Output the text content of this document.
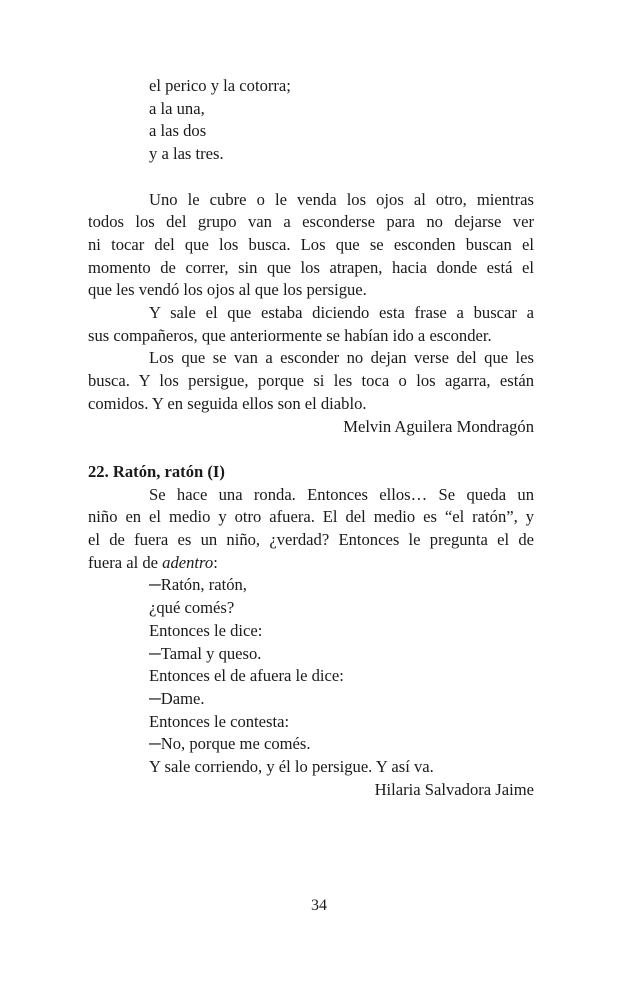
el perico y la cotorra;
a la una,
a las dos
y a las tres.
Uno le cubre o le venda los ojos al otro, mientras
todos los del grupo van a esconderse para no dejarse ver
ni tocar del que los busca. Los que se esconden buscan el
momento de correr, sin que los atrapen, hacia donde está el
que les vendó los ojos al que los persigue.
Y sale el que estaba diciendo esta frase a buscar a
sus compañeros, que anteriormente se habían ido a esconder.
Los que se van a esconder no dejan verse del que les
busca. Y los persigue, porque si les toca o los agarra, están
comidos. Y en seguida ellos son el diablo.
Melvin Aguilera Mondragón
22. Ratón, ratón (I)
Se hace una ronda. Entonces ellos… Se queda un
niño en el medio y otro afuera. El del medio es “el ratón”, y
el de fuera es un niño, ¿verdad? Entonces le pregunta el de
fuera al de adentro:
─Ratón, ratón,
¿qué comés?
Entonces le dice:
─Tamal y queso.
Entonces el de afuera le dice:
─Dame.
Entonces le contesta:
─No, porque me comés.
Y sale corriendo, y él lo persigue. Y así va.
Hilaria Salvadora Jaime
34
